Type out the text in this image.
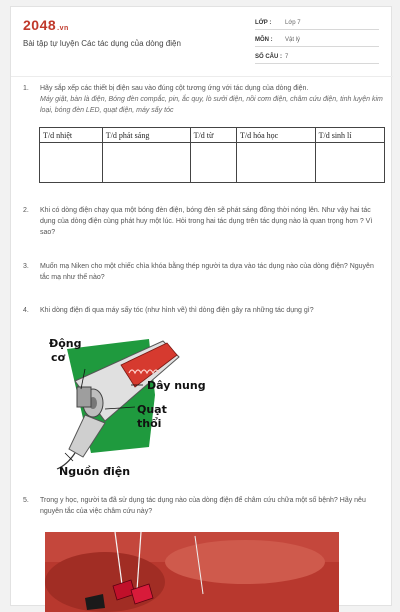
2048.vn
Bài tập tự luyện Các tác dụng của dòng điện
LỚP : Lớp 7
MÔN : Vật lý
SỐ CÂU : 7
1.	Hãy sắp xếp các thiết bị điện sau vào đúng cột tương ứng với tác dụng của dòng điện.
Máy giặt, bàn là điện, Bóng đèn compắc, pin, ắc quy, lò sưởi điện, nồi cơm điện, châm cứu điện, tinh luyện kim loại, bóng đèn LED, quạt điện, máy sấy tóc
T/d nhiệt	T/d phát sáng	T/d từ	T/d hóa học	T/d sinh lí

2.	Khi có dòng điện chạy qua một bóng đèn điện, bóng đèn sẽ phát sáng đồng thời nóng lên. Như vậy hai tác dụng của dòng điện cùng phát huy một lúc. Hỏi trong hai tác dụng trên tác dụng nào là quan trọng hơn ? Vì sao?
3.	Muốn mạ Niken cho một chiếc chìa khóa bằng thép người ta dựa vào tác dụng nào của dòng điện? Nguyên tắc mạ như thế nào?
4.	Khi dòng điện đi qua máy sấy tóc (như hình vẽ) thì dòng điện gây ra những tác dụng gì?
Động
cơ
Dây nung
Quạt
thổi
Nguồn điện
5.	Trong y học, người ta đã sử dụng tác dụng nào của dòng điện để châm cứu chữa một số bệnh? Hãy nêu nguyên tắc của việc châm cứu này?
